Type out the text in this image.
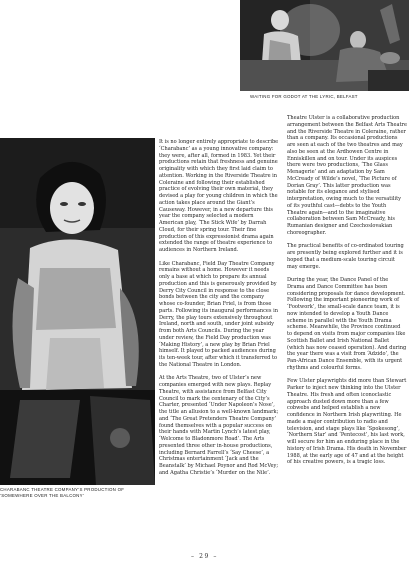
WAITING FOR GODOT AT THE LYRIC, BELFAST
CHARABANC THEATRE COMPANY’S PRODUCTION OF ‘SOMEWHERE OVER THE BALCONY’

It is no longer entirely appropriate to describe ‘Charabanc’ as a young innovative company: they were, after all, formed in 1983. Yet their productions retain that freshness and genuine originality with which they first laid claim to attention. Working in the Riverside Theatre in Coleraine and following their established practice of evolving their own material, they devised a play for young children in which the action takes place around the Giant’s Causeway. However, in a new departure this year the company selected a modern American play, ‘The Stick Wife’ by Darrah Cloud, for their spring tour. Their fine production of this expressionist drama again extended the range of theatre experience to audiences in Northern Ireland.

Like Charabanc, Field Day Theatre Company remains without a home. However it needs only a base at which to prepare its annual production and this is generously provided by Derry City Council in response to the close bonds between the city and the company whose co-founder, Brian Friel, is from those parts. Following its inaugural performances in Derry, the play tours extensively throughout Ireland, north and south, under joint subsidy from both Arts Councils. During the year under review, the Field Day production was ‘Making History’, a new play by Brian Friel himself. It played to packed audiences during its ten-week tour, after which it transferred to the National Theatre in London.

At the Arts Theatre, two of Ulster’s new companies emerged with new plays. Replay Theatre, with assistance from Belfast City Council to mark the centenary of the City’s Charter, presented ‘Under Napoleon’s Nose’, the title an allusion to a well-known landmark; and ‘The Great Pretenders Theatre Company’ found themselves with a popular success on their hands with Martin Lynch’s latest play, ‘Welcome to Bladonmore Road’. The Arts presented three other in-house productions, including Bernard Farrell’s ‘Say Cheese’, a Christmas entertainment ‘Jack and the Beanstalk’ by Michael Poynor and Rod McVey; and Agatha Christie’s ‘Murder on the Nile’.

Theatre Ulster is a collaborative production arrangement between the Belfast Arts Theatre and the Riverside Theatre in Coleraine, rather than a company. Its occasional productions are seen at each of the two theatres and may also be seen at the Ardhowen Centre in Enniskillen and on tour. Under its auspices there were two productions, ‘The Glass Menagerie’ and an adaptation by Sam McCready of Wilde’s novel, ‘The Picture of Dorian Gray’. This latter production was notable for its elegance and stylised interpretation, owing much to the versatility of its youthful cast—debts to the Youth Theatre again—and to the imaginative collaboration between Sam McCready, his Rumanian designer and Czechoslovakian choreographer.

The practical benefits of co-ordinated touring are presently being explored further and it is hoped that a medium-scale touring circuit may emerge.

During the year, the Dance Panel of the Drama and Dance Committee has been considering proposals for dance development. Following the important pioneering work of ‘Footwork’, the small-scale dance team, it is now intended to develop a Youth Dance scheme in parallel with the Youth Drama scheme. Meanwhile, the Province continued to depend on visits from major companies like Scottish Ballet and Irish National Ballet (which has now ceased operation). And during the year there was a visit from ‘Adzido’, the Pan-African Dance Ensemble, with its urgent rhythms and colourful forms.

Few Ulster playwrights did more than Stewart Parker to inject new thinking into the Ulster Theatre. His fresh and often iconoclastic approach dusted down more than a few cobwebs and helped establish a new confidence in Northern Irish playwriting. He made a major contribution to radio and television, and stage plays like ‘Spokesong’, ‘Northern Star’ and ‘Pentecost’, his last work, will secure for him an enduring place in the history of Irish Drama. His death in November 1988, at the early age of 47 and at the height of his creative powers, is a tragic loss.

– 29 –
